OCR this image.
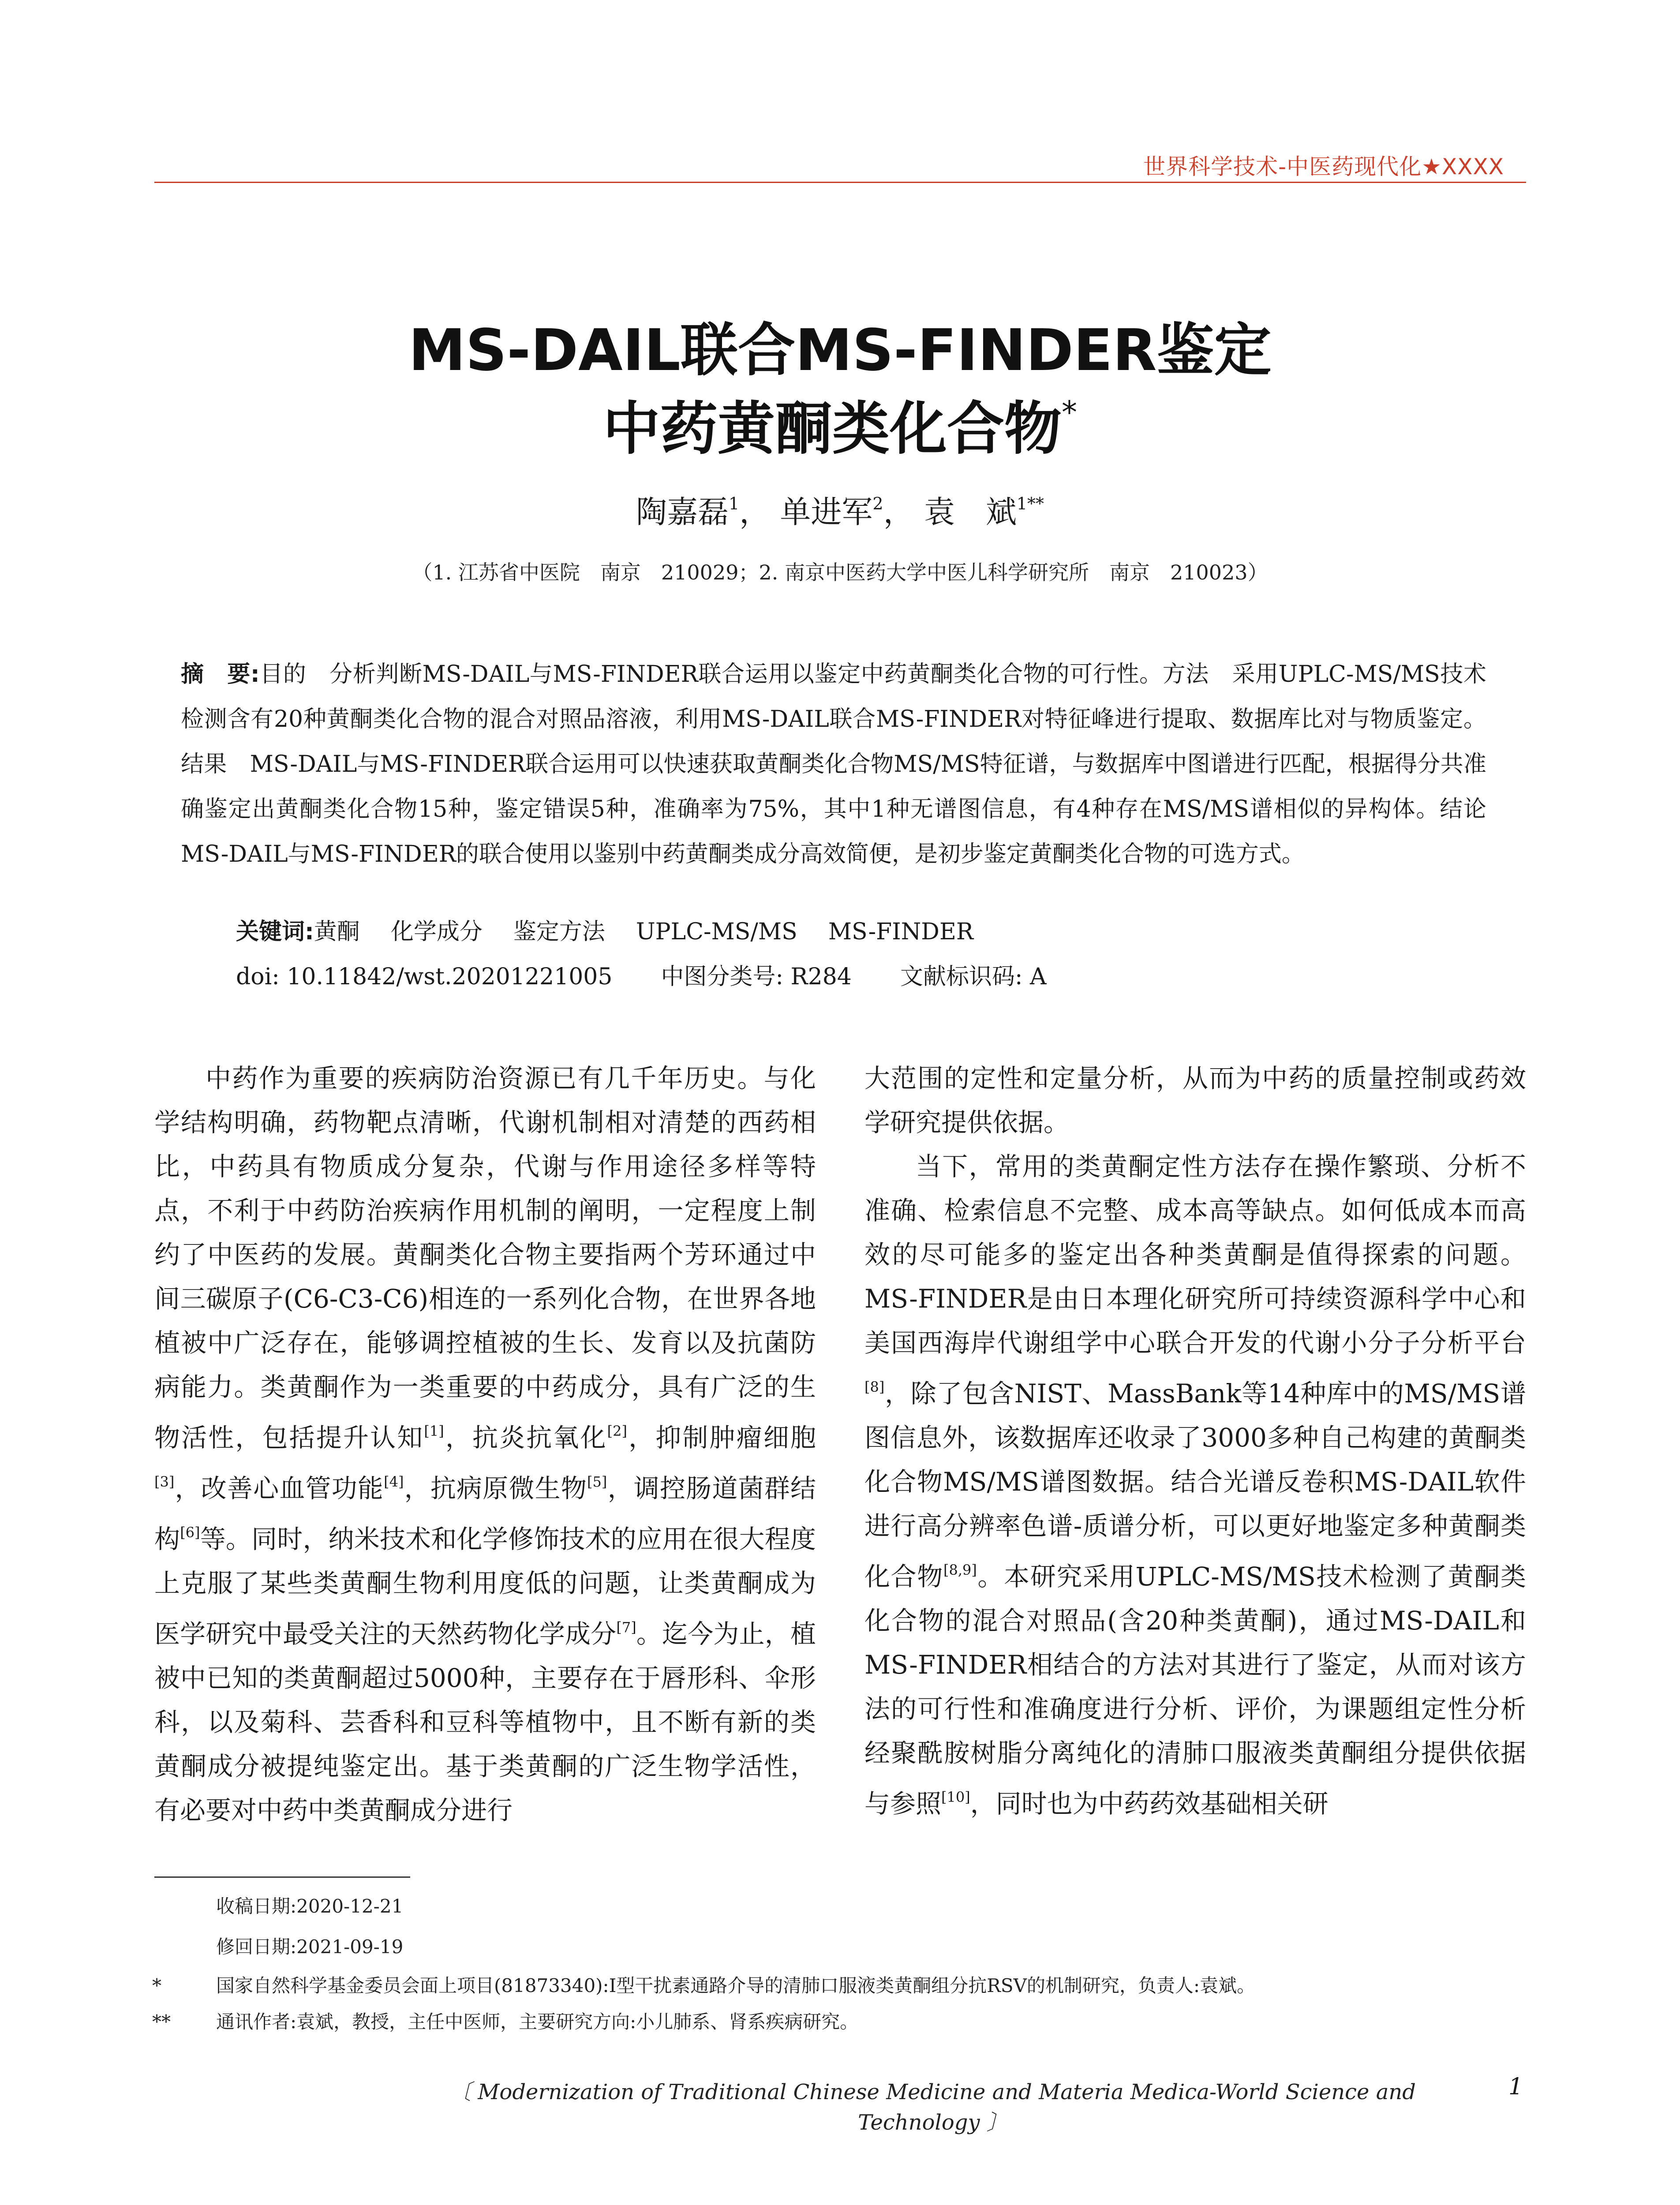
世界科学技术-中医药现代化★XXXX
MS-DAIL联合MS-FINDER鉴定
中药黄酮类化合物*
陶嘉磊$^1$， 单进军$^2$， 袁　斌$^{1**}$
（1. 江苏省中医院　南京　210029；2. 南京中医药大学中医儿科学研究所　南京　210023）
摘　要:目的　分析判断MS-DAIL与MS-FINDER联合运用以鉴定中药黄酮类化合物的可行性。方法　采用UPLC-MS/MS技术检测含有20种黄酮类化合物的混合对照品溶液，利用MS-DAIL联合MS-FINDER对特征峰进行提取、数据库比对与物质鉴定。结果　MS-DAIL与MS-FINDER联合运用可以快速获取黄酮类化合物MS/MS特征谱，与数据库中图谱进行匹配，根据得分共准确鉴定出黄酮类化合物15种，鉴定错误5种，准确率为75%，其中1种无谱图信息，有4种存在MS/MS谱相似的异构体。结论　MS-DAIL与MS-FINDER的联合使用以鉴别中药黄酮类成分高效简便，是初步鉴定黄酮类化合物的可选方式。
关键词:黄酮 化学成分 鉴定方法 UPLC-MS/MS MS-FINDER
doi: 10.11842/wst.20201221005 中图分类号: R284 文献标识码: A

中药作为重要的疾病防治资源已有几千年历史。与化学结构明确，药物靶点清晰，代谢机制相对清楚的西药相比，中药具有物质成分复杂，代谢与作用途径多样等特点，不利于中药防治疾病作用机制的阐明，一定程度上制约了中医药的发展。黄酮类化合物主要指两个芳环通过中间三碳原子(C6-C3-C6)相连的一系列化合物，在世界各地植被中广泛存在，能够调控植被的生长、发育以及抗菌防病能力。类黄酮作为一类重要的中药成分，具有广泛的生物活性，包括提升认知[1]，抗炎抗氧化[2]，抑制肿瘤细胞[3]，改善心血管功能[4]，抗病原微生物[5]，调控肠道菌群结构[6]等。同时，纳米技术和化学修饰技术的应用在很大程度上克服了某些类黄酮生物利用度低的问题，让类黄酮成为医学研究中最受关注的天然药物化学成分[7]。迄今为止，植被中已知的类黄酮超过5000种，主要存在于唇形科、伞形科，以及菊科、芸香科和豆科等植物中，且不断有新的类黄酮成分被提纯鉴定出。基于类黄酮的广泛生物学活性，有必要对中药中类黄酮成分进行

大范围的定性和定量分析，从而为中药的质量控制或药效学研究提供依据。

当下，常用的类黄酮定性方法存在操作繁琐、分析不准确、检索信息不完整、成本高等缺点。如何低成本而高效的尽可能多的鉴定出各种类黄酮是值得探索的问题。MS-FINDER是由日本理化研究所可持续资源科学中心和美国西海岸代谢组学中心联合开发的代谢小分子分析平台[8]，除了包含NIST、MassBank等14种库中的MS/MS谱图信息外，该数据库还收录了3000多种自己构建的黄酮类化合物MS/MS谱图数据。结合光谱反卷积MS-DAIL软件进行高分辨率色谱-质谱分析，可以更好地鉴定多种黄酮类化合物[8,9]。本研究采用UPLC-MS/MS技术检测了黄酮类化合物的混合对照品(含20种类黄酮)，通过MS-DAIL和MS-FINDER相结合的方法对其进行了鉴定，从而对该方法的可行性和准确度进行分析、评价，为课题组定性分析经聚酰胺树脂分离纯化的清肺口服液类黄酮组分提供依据与参照[10]，同时也为中药药效基础相关研

收稿日期:2020-12-21
修回日期:2021-09-19
*	国家自然科学基金委员会面上项目(81873340):I型干扰素通路介导的清肺口服液类黄酮组分抗RSV的机制研究，负责人:袁斌。
** 通讯作者:袁斌，教授，主任中医师，主要研究方向:小儿肺系、肾系疾病研究。
〔 Modernization of Traditional Chinese Medicine and Materia Medica-World Science and Technology 〕
1
